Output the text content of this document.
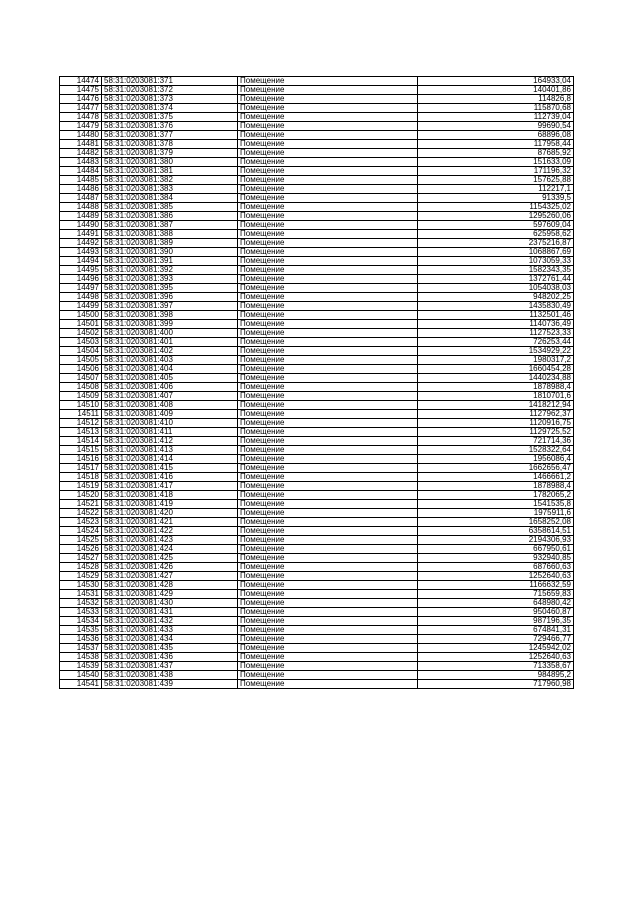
14474	58:31:0203081:371	Помещение	164933,04
14475	58:31:0203081:372	Помещение	140401,86
14476	58:31:0203081:373	Помещение	114826,8
14477	58:31:0203081:374	Помещение	115870,68
14478	58:31:0203081:375	Помещение	112739,04
14479	58:31:0203081:376	Помещение	99690,54
14480	58:31:0203081:377	Помещение	68896,08
14481	58:31:0203081:378	Помещение	117958,44
14482	58:31:0203081:379	Помещение	87685,92
14483	58:31:0203081:380	Помещение	151633,09
14484	58:31:0203081:381	Помещение	171196,32
14485	58:31:0203081:382	Помещение	157625,88
14486	58:31:0203081:383	Помещение	112217,1
14487	58:31:0203081:384	Помещение	91339,5
14488	58:31:0203081:385	Помещение	1154325,02
14489	58:31:0203081:386	Помещение	1295260,06
14490	58:31:0203081:387	Помещение	597609,04
14491	58:31:0203081:388	Помещение	625958,62
14492	58:31:0203081:389	Помещение	2375216,87
14493	58:31:0203081:390	Помещение	1068867,69
14494	58:31:0203081:391	Помещение	1073059,33
14495	58:31:0203081:392	Помещение	1582343,35
14496	58:31:0203081:393	Помещение	1372761,44
14497	58:31:0203081:395	Помещение	1054038,03
14498	58:31:0203081:396	Помещение	948202,25
14499	58:31:0203081:397	Помещение	1435830,49
14500	58:31:0203081:398	Помещение	1132501,46
14501	58:31:0203081:399	Помещение	1140736,49
14502	58:31:0203081:400	Помещение	1127523,33
14503	58:31:0203081:401	Помещение	726253,44
14504	58:31:0203081:402	Помещение	1534929,22
14505	58:31:0203081:403	Помещение	1980317,2
14506	58:31:0203081:404	Помещение	1660454,28
14507	58:31:0203081:405	Помещение	1440234,88
14508	58:31:0203081:406	Помещение	1878988,4
14509	58:31:0203081:407	Помещение	1810701,6
14510	58:31:0203081:408	Помещение	1418212,94
14511	58:31:0203081:409	Помещение	1127962,37
14512	58:31:0203081:410	Помещение	1120916,75
14513	58:31:0203081:411	Помещение	1129725,52
14514	58:31:0203081:412	Помещение	721714,36
14515	58:31:0203081:413	Помещение	1528322,64
14516	58:31:0203081:414	Помещение	1956086,4
14517	58:31:0203081:415	Помещение	1662656,47
14518	58:31:0203081:416	Помещение	1466661,2
14519	58:31:0203081:417	Помещение	1878988,4
14520	58:31:0203081:418	Помещение	1782065,2
14521	58:31:0203081:419	Помещение	1541535,8
14522	58:31:0203081:420	Помещение	1975911,6
14523	58:31:0203081:421	Помещение	1658252,08
14524	58:31:0203081:422	Помещение	6358614,51
14525	58:31:0203081:423	Помещение	2194306,93
14526	58:31:0203081:424	Помещение	667950,61
14527	58:31:0203081:425	Помещение	932940,85
14528	58:31:0203081:426	Помещение	687660,63
14529	58:31:0203081:427	Помещение	1252640,63
14530	58:31:0203081:428	Помещение	1166632,59
14531	58:31:0203081:429	Помещение	715659,83
14532	58:31:0203081:430	Помещение	648980,42
14533	58:31:0203081:431	Помещение	950460,87
14534	58:31:0203081:432	Помещение	987196,35
14535	58:31:0203081:433	Помещение	674841,31
14536	58:31:0203081:434	Помещение	729466,77
14537	58:31:0203081:435	Помещение	1245942,02
14538	58:31:0203081:436	Помещение	1252640,63
14539	58:31:0203081:437	Помещение	713358,67
14540	58:31:0203081:438	Помещение	984895,2
14541	58:31:0203081:439	Помещение	717960,98
